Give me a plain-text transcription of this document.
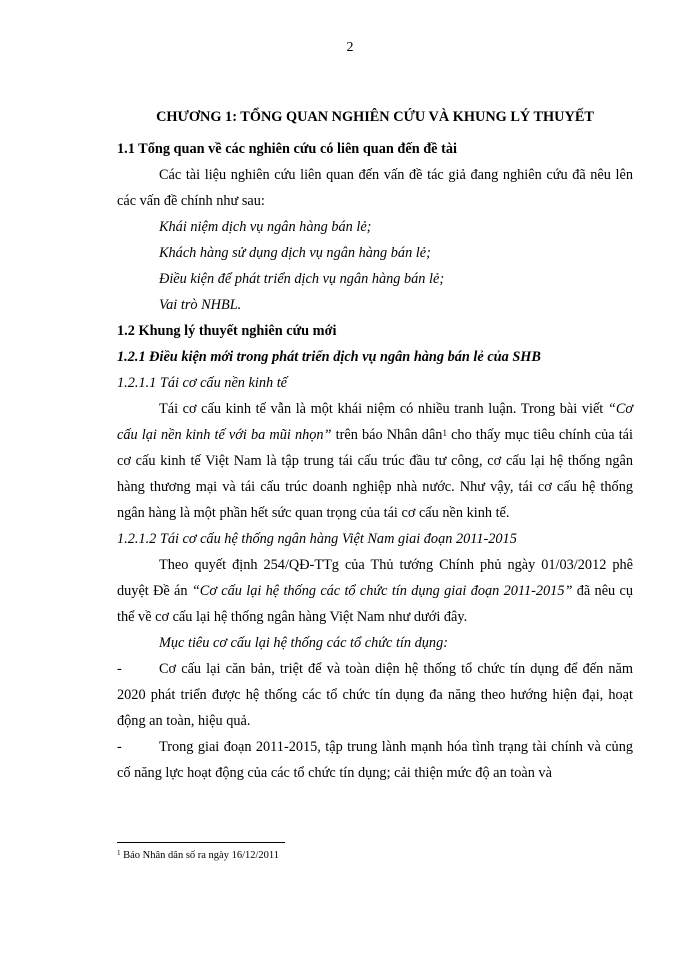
2
CHƯƠNG 1: TỔNG QUAN NGHIÊN CỨU VÀ KHUNG LÝ THUYẾT
1.1 Tổng quan về các nghiên cứu có liên quan đến đề tài

Các tài liệu nghiên cứu liên quan đến vấn đề tác giả đang nghiên cứu đã nêu lên các vấn đề chính như sau:

Khái niệm dịch vụ ngân hàng bán lẻ;
Khách hàng sử dụng dịch vụ ngân hàng bán lẻ;
Điều kiện để phát triển dịch vụ ngân hàng bán lẻ;
Vai trò NHBL.
1.2 Khung lý thuyết nghiên cứu mới
1.2.1 Điều kiện mới trong phát triển dịch vụ ngân hàng bán lẻ của SHB
1.2.1.1 Tái cơ cấu nền kinh tế

Tái cơ cấu kinh tế vẫn là một khái niệm có nhiều tranh luận. Trong bài viết “Cơ cấu lại nền kinh tế với ba mũi nhọn” trên báo Nhân dân$^1$ cho thấy mục tiêu chính của tái cơ cấu kinh tế Việt Nam là tập trung tái cấu trúc đầu tư công, cơ cấu lại hệ thống ngân hàng thương mại và tái cấu trúc doanh nghiệp nhà nước. Như vậy, tái cơ cấu hệ thống ngân hàng là một phần hết sức quan trọng của tái cơ cấu nền kinh tế.

1.2.1.2 Tái cơ cấu hệ thống ngân hàng Việt Nam giai đoạn 2011-2015

Theo quyết định 254/QĐ-TTg của Thủ tướng Chính phủ ngày 01/03/2012 phê duyệt Đề án “Cơ cấu lại hệ thống các tổ chức tín dụng giai đoạn 2011-2015” đã nêu cụ thể về cơ cấu lại hệ thống ngân hàng Việt Nam như dưới đây.

Mục tiêu cơ cấu lại hệ thống các tổ chức tín dụng:

-	Cơ cấu lại căn bản, triệt để và toàn diện hệ thống tổ chức tín dụng để đến năm 2020 phát triển được hệ thống các tổ chức tín dụng đa năng theo hướng hiện đại, hoạt động an toàn, hiệu quả.

-	Trong giai đoạn 2011-2015, tập trung lành mạnh hóa tình trạng tài chính và củng cố năng lực hoạt động của các tổ chức tín dụng; cải thiện mức độ an toàn và

$^1$ Báo Nhân dân số ra ngày 16/12/2011
